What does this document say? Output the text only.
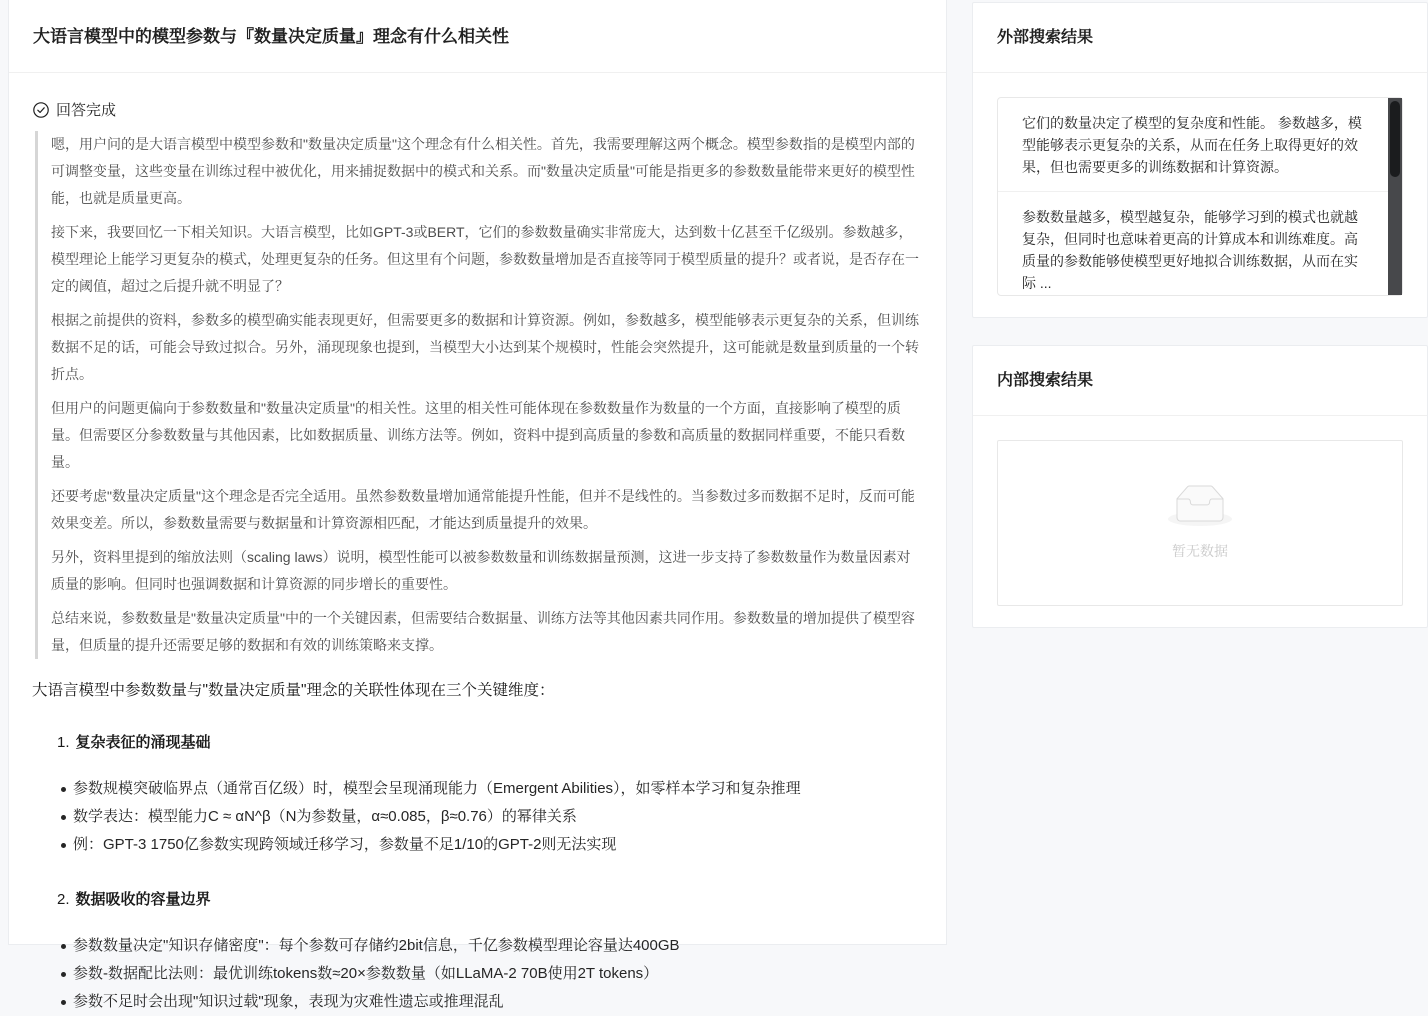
大语言模型中的模型参数与『数量决定质量』理念有什么相关性
回答完成

嗯，用户问的是大语言模型中模型参数和"数量决定质量"这个理念有什么相关性。首先，我需要理解这两个概念。模型参数指的是模型内部的可调整变量，这些变量在训练过程中被优化，用来捕捉数据中的模式和关系。而"数量决定质量"可能是指更多的参数数量能带来更好的模型性能，也就是质量更高。

接下来，我要回忆一下相关知识。大语言模型，比如GPT-3或BERT，它们的参数数量确实非常庞大，达到数十亿甚至千亿级别。参数越多，模型理论上能学习更复杂的模式，处理更复杂的任务。但这里有个问题，参数数量增加是否直接等同于模型质量的提升？或者说，是否存在一定的阈值，超过之后提升就不明显了？

根据之前提供的资料，参数多的模型确实能表现更好，但需要更多的数据和计算资源。例如，参数越多，模型能够表示更复杂的关系，但训练数据不足的话，可能会导致过拟合。另外，涌现现象也提到，当模型大小达到某个规模时，性能会突然提升，这可能就是数量到质量的一个转折点。

但用户的问题更偏向于参数数量和"数量决定质量"的相关性。这里的相关性可能体现在参数数量作为数量的一个方面，直接影响了模型的质量。但需要区分参数数量与其他因素，比如数据质量、训练方法等。例如，资料中提到高质量的参数和高质量的数据同样重要，不能只看数量。

还要考虑"数量决定质量"这个理念是否完全适用。虽然参数数量增加通常能提升性能，但并不是线性的。当参数过多而数据不足时，反而可能效果变差。所以，参数数量需要与数据量和计算资源相匹配，才能达到质量提升的效果。

另外，资料里提到的缩放法则（scaling laws）说明，模型性能可以被参数数量和训练数据量预测，这进一步支持了参数数量作为数量因素对质量的影响。但同时也强调数据和计算资源的同步增长的重要性。

总结来说，参数数量是"数量决定质量"中的一个关键因素，但需要结合数据量、训练方法等其他因素共同作用。参数数量的增加提供了模型容量，但质量的提升还需要足够的数据和有效的训练策略来支撑。

大语言模型中参数数量与"数量决定质量"理念的关联性体现在三个关键维度：
1. 复杂表征的涌现基础
参数规模突破临界点（通常百亿级）时，模型会呈现涌现能力（Emergent Abilities），如零样本学习和复杂推理
数学表达：模型能力C ≈ αN^β（N为参数量，α≈0.085，β≈0.76）的幂律关系
例：GPT-3 1750亿参数实现跨领域迁移学习，参数量不足1/10的GPT-2则无法实现
2. 数据吸收的容量边界
参数数量决定"知识存储密度"：每个参数可存储约2bit信息，千亿参数模型理论容量达400GB
参数-数据配比法则：最优训练tokens数≈20×参数数量（如LLaMA-2 70B使用2T tokens）
参数不足时会出现"知识过载"现象，表现为灾难性遗忘或推理混乱
外部搜索结果
它们的数量决定了模型的复杂度和性能。 参数越多，模型能够表示更复杂的关系，从而在任务上取得更好的效果，但也需要更多的训练数据和计算资源。
参数数量越多，模型越复杂，能够学习到的模式也就越复杂，但同时也意味着更高的计算成本和训练难度。高质量的参数能够使模型更好地拟合训练数据，从而在实际 ...
内部搜索结果
暂无数据
